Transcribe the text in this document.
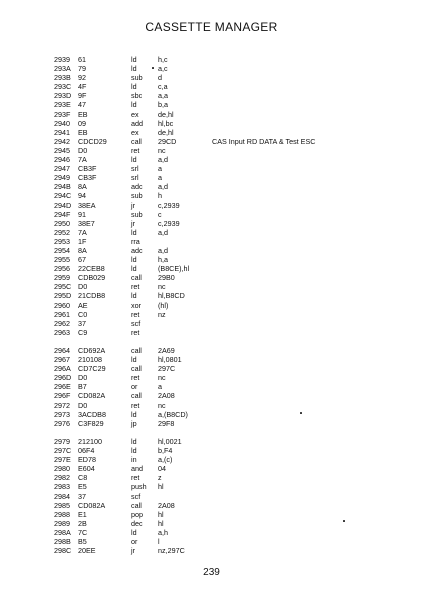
CASSETTE MANAGER
2939 61	ld	h,c
293A 79	ld	a,c
293B 92	sub d
293C 4F	ld	c,a
293D 9F	sbc a,a
293E 47	ld	b,a
293F EB	ex	de,hl
2940 09	add hl,bc
2941 EB	ex	de,hl
2942 CDCD29	call 29CD	CAS Input RD DATA & Test ESC
2945 D0	ret	nc
2946 7A	ld	a,d
2947 CB3F	srl	a
2949 CB3F	srl	a
294B 8A	adc a,d
294C 94	sub h
294D 38EA	jr	c,2939
294F 91	sub c
2950 38E7	jr	c,2939
2952 7A	ld	a,d
2953 1F	rra
2954 8A	adc a,d
2955 67	ld	h,a
2956 22CEB8	ld	(B8CE),hl
2959 CDB029	call 29B0
295C D0	ret	nc
295D 21CDB8	ld	hl,B8CD
2960 AE	xor (hl)
2961 C0	ret	nz
2962 37	scf
2963 C9	ret
2964 CD692A	call 2A69
2967 210108	ld	hl,0801
296A CD7C29	call 297C
296D D0	ret	nc
296E B7	or	a
296F CD082A	call 2A08
2972 D0	ret	nc
2973 3ACDB8	ld	a,(B8CD)
2976 C3F829	jp	29F8
2979 212100	ld	hl,0021
297C 06F4	ld	b,F4
297E ED78	in	a,(c)
2980 E604	and 04
2982 C8	ret	z
2983 E5	push hl
2984 37	scf
2985 CD082A	call 2A08
2988 E1	pop hl
2989 2B	dec hl
298A 7C	ld	a,h
298B B5	or	l
298C 20EE	jr	nz,297C
239
